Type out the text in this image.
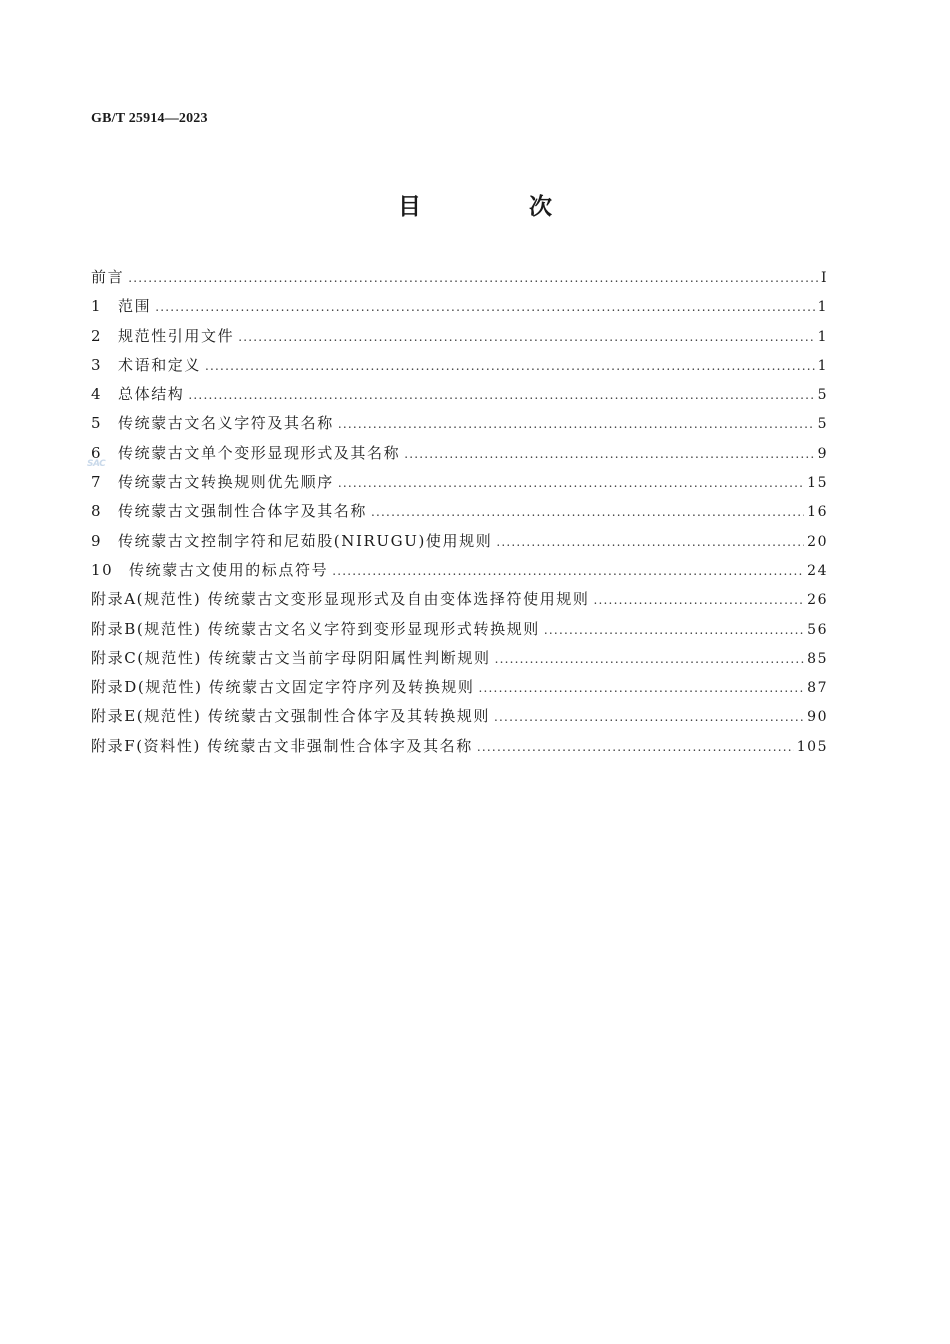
GB/T 25914—2023
目 次
SAC
前言 .....	I
1	范围 .....	1
2	规范性引用文件 .....	1
3	术语和定义 .....	1
4	总体结构 .....	5
5	传统蒙古文名义字符及其名称 .....	5
6	传统蒙古文单个变形显现形式及其名称 .....	9
7	传统蒙古文转换规则优先顺序 .....	15
8	传统蒙古文强制性合体字及其名称 .....	16
9	传统蒙古文控制字符和尼茹股(NIRUGU)使用规则 .....	20
10	传统蒙古文使用的标点符号 .....	24
附录A(规范性) 传统蒙古文变形显现形式及自由变体选择符使用规则 .....	26
附录B(规范性) 传统蒙古文名义字符到变形显现形式转换规则 .....	56
附录C(规范性) 传统蒙古文当前字母阴阳属性判断规则 .....	85
附录D(规范性) 传统蒙古文固定字符序列及转换规则 .....	87
附录E(规范性) 传统蒙古文强制性合体字及其转换规则 .....	90
附录F(资料性) 传统蒙古文非强制性合体字及其名称 .....	105
